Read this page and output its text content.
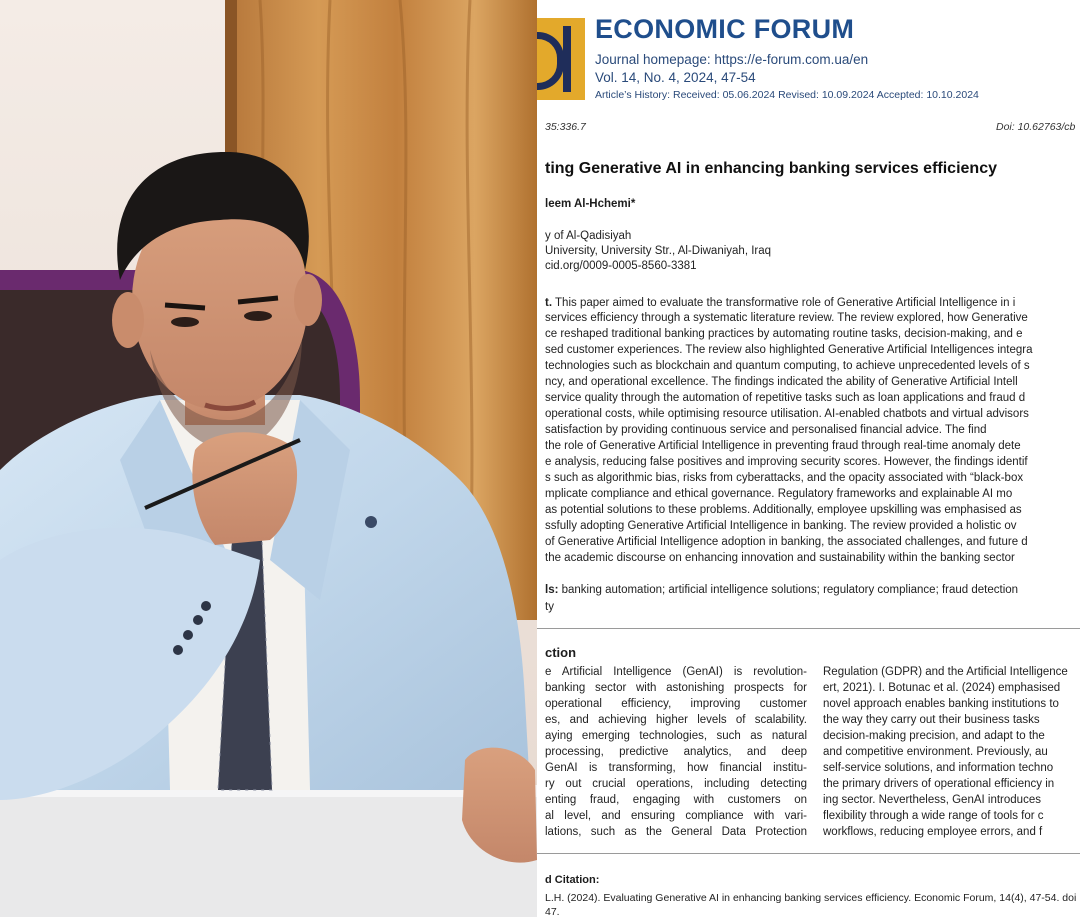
ECONOMIC FORUM
Journal homepage: https://e-forum.com.ua/en
Vol. 14, No. 4, 2024, 47-54
Article’s History: Received: 05.06.2024 Revised: 10.09.2024 Accepted: 10.10.2024
35:336.7	Doi: 10.62763/cb
ting Generative AI in enhancing banking services efficiency
leem Al-Hchemi*
y of Al-Qadisiyah
University, University Str., Al-Diwaniyah, Iraq
cid.org/0009-0005-8560-3381
t. This paper aimed to evaluate the transformative role of Generative Artificial Intelligence in i
services efficiency through a systematic literature review. The review explored, how Generative
ce reshaped traditional banking practices by automating routine tasks, decision-making, and e
sed customer experiences. The review also highlighted Generative Artificial Intelligences integra
technologies such as blockchain and quantum computing, to achieve unprecedented levels of s
ncy, and operational excellence. The findings indicated the ability of Generative Artificial Intell
service quality through the automation of repetitive tasks such as loan applications and fraud d
operational costs, while optimising resource utilisation. AI-enabled chatbots and virtual advisors
satisfaction by providing continuous service and personalised financial advice. The find
the role of Generative Artificial Intelligence in preventing fraud through real-time anomaly dete
e analysis, reducing false positives and improving security scores. However, the findings identif
s such as algorithmic bias, risks from cyberattacks, and the opacity associated with “black-box
mplicate compliance and ethical governance. Regulatory frameworks and explainable AI mo
as potential solutions to these problems. Additionally, employee upskilling was emphasised as
ssfully adopting Generative Artificial Intelligence in banking. The review provided a holistic ov
of Generative Artificial Intelligence adoption in banking, the associated challenges, and future d
the academic discourse on enhancing innovation and sustainability within the banking sector
ls: banking automation; artificial intelligence solutions; regulatory compliance; fraud detection
ty
ction
e Artificial Intelligence (GenAI) is revolution-
banking sector with astonishing prospects for
operational efficiency, improving customer
es, and achieving higher levels of scalability.
aying emerging technologies, such as natural
processing, predictive analytics, and deep
GenAI is transforming, how financial institu-
ry out crucial operations, including detecting
enting fraud, engaging with customers on
al level, and ensuring compliance with vari-
lations, such as the General Data Protection
Regulation (GDPR) and the Artificial Intelligence
ert, 2021). I. Botunac et al. (2024) emphasised
novel approach enables banking institutions to
the way they carry out their business tasks
decision-making precision, and adapt to the
and competitive environment. Previously, au
self-service solutions, and information techno
the primary drivers of operational efficiency in
ing sector. Nevertheless, GenAI introduces
flexibility through a wide range of tools for c
workflows, reducing employee errors, and f
d Citation:
L.H. (2024). Evaluating Generative AI in enhancing banking services efficiency. Economic Forum, 14(4), 47-54. doi
47.
